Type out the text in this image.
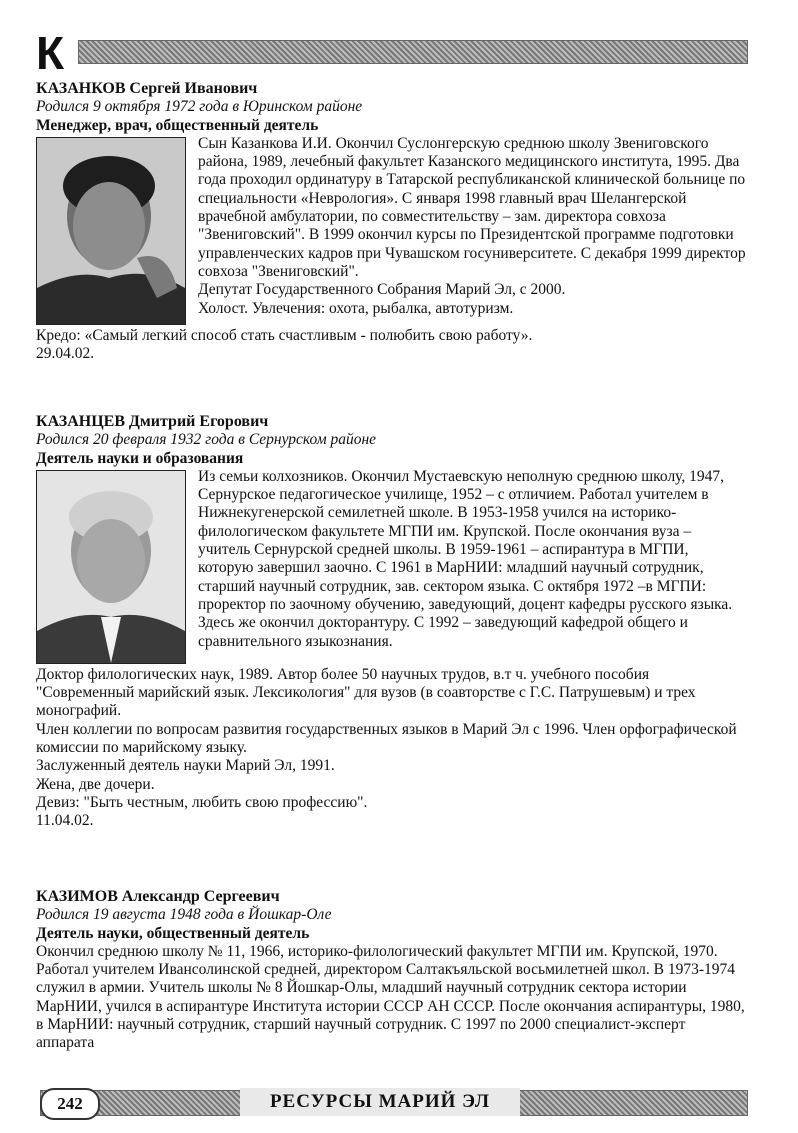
К
КАЗАНКОВ Сергей Иванович
Родился 9 октября 1972 года в Юринском районе
Менеджер, врач, общественный деятель

Сын Казанкова И.И. Окончил Суслонгерскую среднюю школу Звениговского района, 1989, лечебный факультет Казанского медицинского института, 1995. Два года проходил ординатуру в Татарской республиканской клинической больнице по специальности «Неврология». С января 1998 главный врач Шелангерской врачебной амбулатории, по совместительству – зам. директора совхоза "Звениговский". В 1999 окончил курсы по Президентской программе подготовки управленческих кадров при Чувашском госуниверситете. С декабря 1999 директор совхоза "Звениговский".

Депутат Государственного Собрания Марий Эл, с 2000.

Холост. Увлечения: охота, рыбалка, автотуризм.

Кредо: «Самый легкий способ стать счастливым - полюбить свою работу».

29.04.02.

КАЗАНЦЕВ Дмитрий Егорович
Родился 20 февраля 1932 года в Сернурском районе
Деятель науки и образования

Из семьи колхозников. Окончил Мустаевскую неполную среднюю школу, 1947, Сернурское педагогическое училище, 1952 – с отличием. Работал учителем в Нижнекугенерской семилетней школе. В 1953-1958 учился на историко-филологическом факультете МГПИ им. Крупской. После окончания вуза – учитель Сернурской средней школы. В 1959-1961 – аспирантура в МГПИ, которую завершил заочно. С 1961 в МарНИИ: младший научный сотрудник, старший научный сотрудник, зав. сектором языка. С октября 1972 –в МГПИ: проректор по заочному обучению, заведующий, доцент кафедры русского языка. Здесь же окончил докторантуру. С 1992 – заведующий кафедрой общего и сравнительного языкознания.

Доктор филологических наук, 1989. Автор более 50 научных трудов, в.т ч. учебного пособия "Современный марийский язык. Лексикология" для вузов (в соавторстве с Г.С. Патрушевым) и трех монографий.

Член коллегии по вопросам развития государственных языков в Марий Эл с 1996. Член орфографической комиссии по марийскому языку.

Заслуженный деятель науки Марий Эл, 1991.

Жена, две дочери.

Девиз: "Быть честным, любить свою профессию".

11.04.02.

КАЗИМОВ Александр Сергеевич
Родился 19 августа 1948 года в Йошкар-Оле
Деятель науки, общественный деятель

Окончил среднюю школу № 11, 1966, историко-филологический факультет МГПИ им. Крупской, 1970. Работал учителем Ивансолинской средней, директором Салтакъяльской восьмилетней школ. В 1973-1974 служил в армии. Учитель школы № 8 Йошкар-Олы, младший научный сотрудник сектора истории МарНИИ, учился в аспирантуре Института истории СССР АН СССР. После окончания аспирантуры, 1980, в МарНИИ: научный сотрудник, старший научный сотрудник. С 1997 по 2000 специалист-эксперт аппарата

242	РЕСУРСЫ МАРИЙ ЭЛ
